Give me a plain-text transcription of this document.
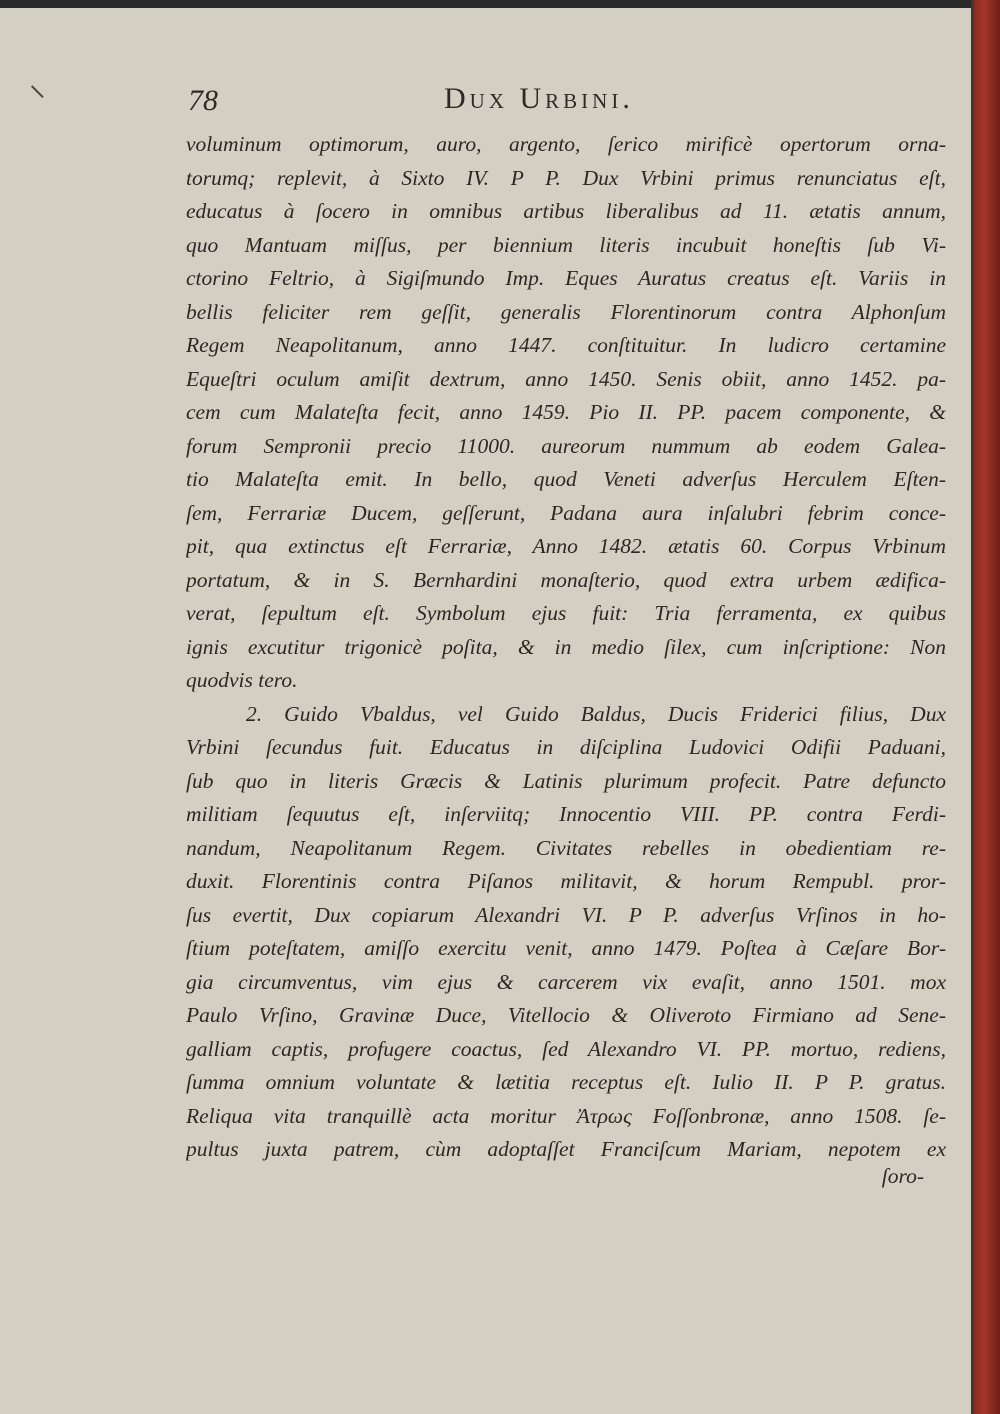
78	Dux Urbini.
voluminum optimorum, auro, argento, ſerico mirificè opertorum orna-
torumq; replevit, à Sixto IV. P P. Dux Vrbini primus renunciatus eſt,
educatus à ſocero in omnibus artibus liberalibus ad 11. ætatis annum,
quo Mantuam miſſus, per biennium literis incubuit honeſtis ſub Vi-
ctorino Feltrio, à Sigiſmundo Imp. Eques Auratus creatus eſt. Variis in
bellis feliciter rem geſſit, generalis Florentinorum contra Alphonſum
Regem Neapolitanum, anno 1447. conſtituitur. In ludicro certamine
Equeſtri oculum amiſit dextrum, anno 1450. Senis obiit, anno 1452. pa-
cem cum Malateſta fecit, anno 1459. Pio II. PP. pacem componente, &
forum Sempronii precio 11000. aureorum nummum ab eodem Galea-
tio Malateſta emit. In bello, quod Veneti adverſus Herculem Eſten-
ſem, Ferrariæ Ducem, geſſerunt, Padana aura inſalubri febrim conce-
pit, qua extinctus eſt Ferrariæ, Anno 1482. ætatis 60. Corpus Vrbinum
portatum, & in S. Bernhardini monaſterio, quod extra urbem ædifica-
verat, ſepultum eſt. Symbolum ejus fuit: Tria ferramenta, ex quibus
ignis excutitur trigonicè poſita, & in medio ſilex, cum inſcriptione: Non
quodvis tero.
2. Guido Vbaldus, vel Guido Baldus, Ducis Friderici filius, Dux
Vrbini ſecundus fuit. Educatus in diſciplina Ludovici Odifii Paduani,
ſub quo in literis Græcis & Latinis plurimum profecit. Patre defuncto
militiam ſequutus eſt, inſerviitq; Innocentio VIII. PP. contra Ferdi-
nandum, Neapolitanum Regem. Civitates rebelles in obedientiam re-
duxit. Florentinis contra Piſanos militavit, & horum Rempubl. pror-
ſus evertit, Dux copiarum Alexandri VI. P P. adverſus Vrſinos in ho-
ſtium poteſtatem, amiſſo exercitu venit, anno 1479. Poſtea à Cæſare Bor-
gia circumventus, vim ejus & carcerem vix evaſit, anno 1501. mox
Paulo Vrſino, Gravinæ Duce, Vitellocio & Oliveroto Firmiano ad Sene-
galliam captis, profugere coactus, ſed Alexandro VI. PP. mortuo, rediens,
ſumma omnium voluntate & lætitia receptus eſt. Iulio II. P P. gratus.
Reliqua vita tranquillè acta moritur Ἀτρως Foſſonbronæ, anno 1508. ſe-
pultus juxta patrem, cùm adoptaſſet Franciſcum Mariam, nepotem ex
ſoro-
